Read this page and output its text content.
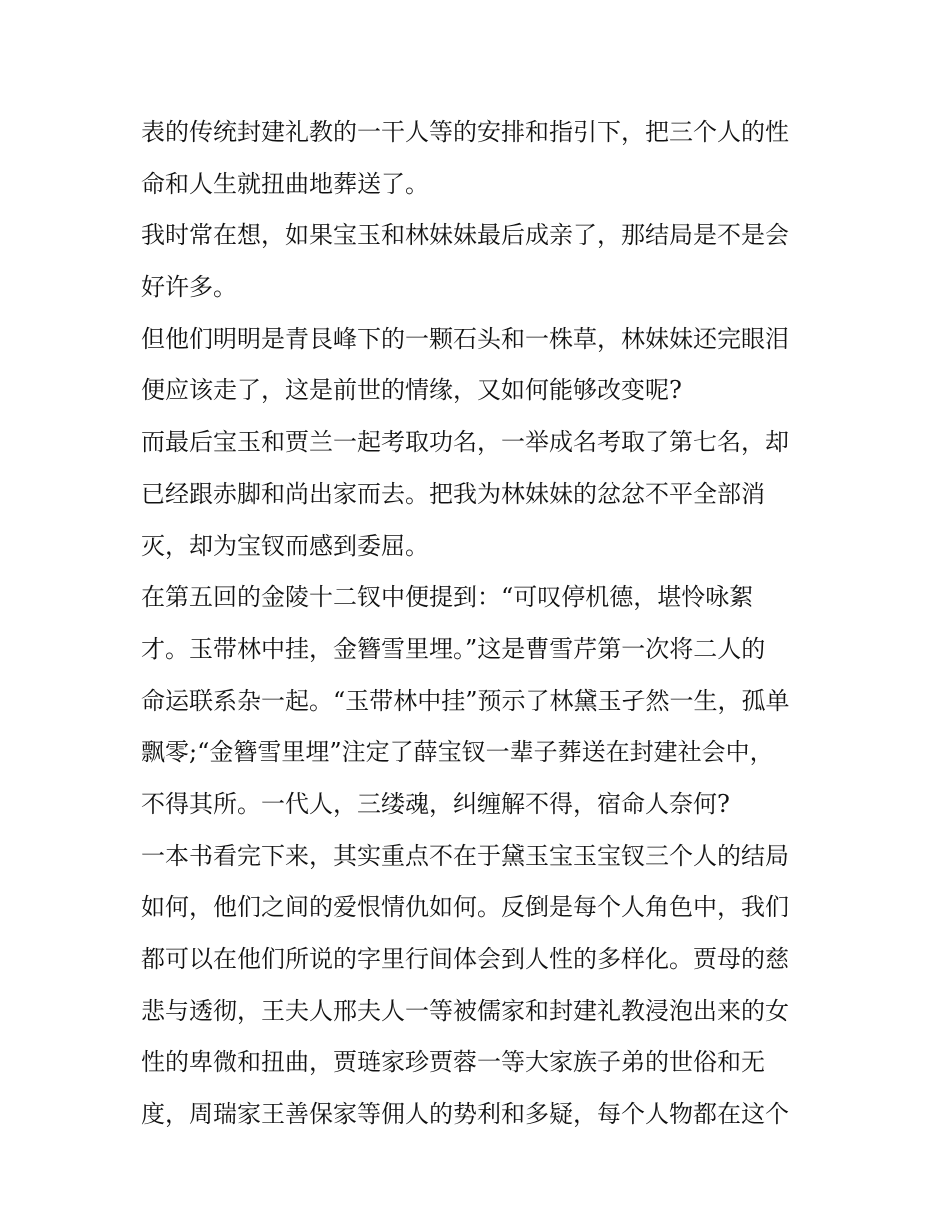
表的传统封建礼教的一干人等的安排和指引下，把三个人的性
命和人生就扭曲地葬送了。
我时常在想，如果宝玉和林妹妹最后成亲了，那结局是不是会
好许多。
但他们明明是青艮峰下的一颗石头和一株草，林妹妹还完眼泪
便应该走了，这是前世的情缘，又如何能够改变呢?
而最后宝玉和贾兰一起考取功名，一举成名考取了第七名，却
已经跟赤脚和尚出家而去。把我为林妹妹的忿忿不平全部消
灭，却为宝钗而感到委屈。
在第五回的金陵十二钗中便提到：“可叹停机德，堪怜咏絮
才。玉带林中挂，金簪雪里埋。”这是曹雪芹第一次将二人的
命运联系杂一起。“玉带林中挂”预示了林黛玉孑然一生，孤单
飘零;“金簪雪里埋”注定了薛宝钗一辈子葬送在封建社会中，
不得其所。一代人，三缕魂，纠缠解不得，宿命人奈何?
一本书看完下来，其实重点不在于黛玉宝玉宝钗三个人的结局
如何，他们之间的爱恨情仇如何。反倒是每个人角色中，我们
都可以在他们所说的字里行间体会到人性的多样化。贾母的慈
悲与透彻，王夫人邢夫人一等被儒家和封建礼教浸泡出来的女
性的卑微和扭曲，贾琏家珍贾蓉一等大家族子弟的世俗和无
度，周瑞家王善保家等佣人的势利和多疑，每个人物都在这个
